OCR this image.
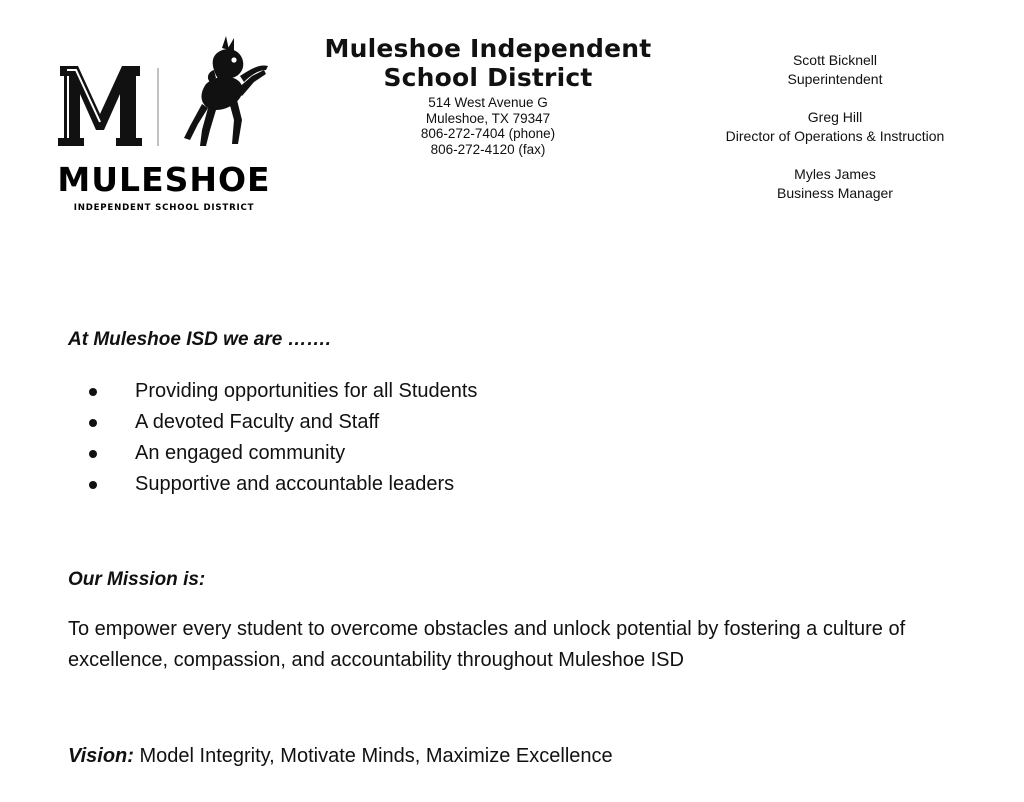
MULESHOE
INDEPENDENT SCHOOL DISTRICT
Muleshoe Independent
School District
514 West Avenue G
Muleshoe, TX 79347
806-272-7404 (phone)
806-272-4120 (fax)
Scott Bicknell
Superintendent
Greg Hill
Director of Operations & Instruction
Myles James
Business Manager

At Muleshoe ISD we are …….

Providing opportunities for all Students
A devoted Faculty and Staff
An engaged community
Supportive and accountable leaders

Our Mission is:

To empower every student to overcome obstacles and unlock potential by fostering a culture of excellence, compassion, and accountability throughout Muleshoe ISD

Vision: Model Integrity, Motivate Minds, Maximize Excellence
